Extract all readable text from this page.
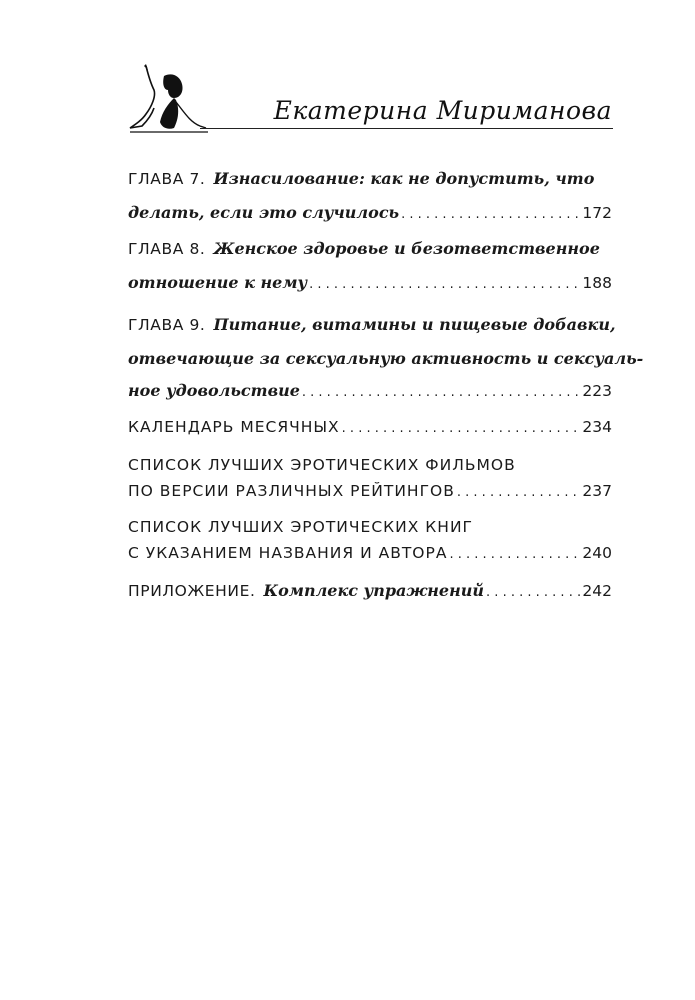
Екатерина Мириманова
ГЛАВА 7. Изнасилование: как не допустить, что
делать, если это случилось . . .	172
ГЛАВА 8. Женское здоровье и безответственное
отношение к нему . . .	188
ГЛАВА 9. Питание, витамины и пищевые добавки,
отвечающие за сексуальную активность и сексуаль-
ное удовольствие . . .	223
КАЛЕНДАРЬ МЕСЯЧНЫХ . . .	234
СПИСОК ЛУЧШИХ ЭРОТИЧЕСКИХ ФИЛЬМОВ
ПО ВЕРСИИ РАЗЛИЧНЫХ РЕЙТИНГОВ . . .	237
СПИСОК ЛУЧШИХ ЭРОТИЧЕСКИХ КНИГ
С УКАЗАНИЕМ НАЗВАНИЯ И АВТОРА . . .	240
ПРИЛОЖЕНИЕ. Комплекс упражнений . . .	242
